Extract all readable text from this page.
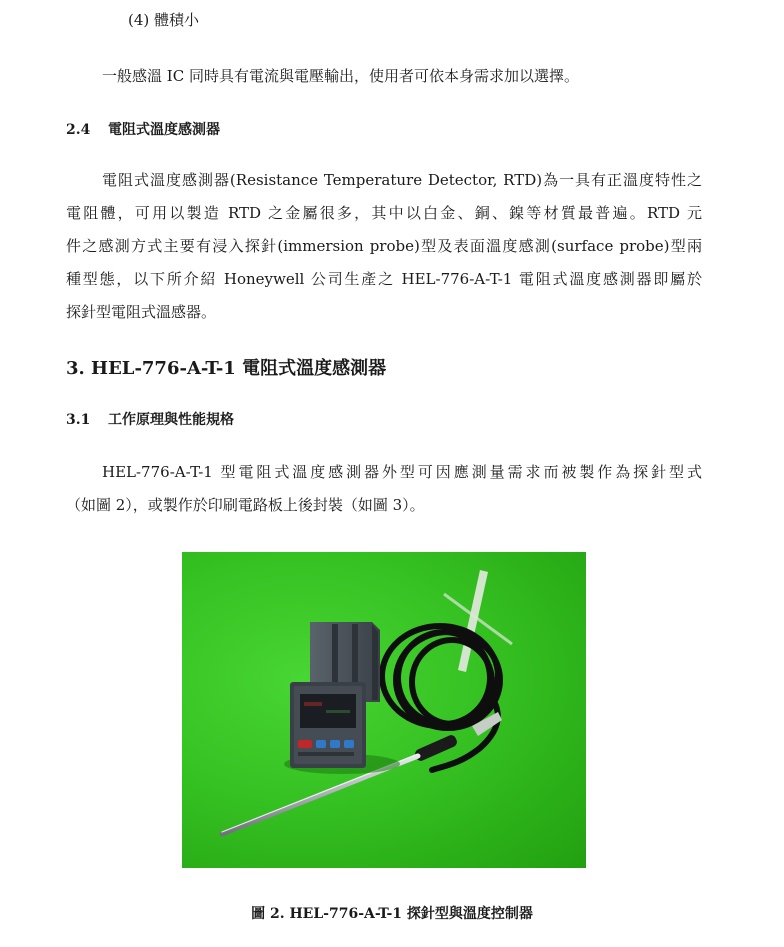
(4) 體積小
一般感溫 IC 同時具有電流與電壓輸出，使用者可依本身需求加以選擇。
2.4 電阻式溫度感測器
電阻式溫度感測器(Resistance Temperature Detector, RTD)為一具有正溫度特性之
電阻體，可用以製造 RTD 之金屬很多，其中以白金、銅、鎳等材質最普遍。RTD 元
件之感測方式主要有浸入探針(immersion probe)型及表面溫度感測(surface probe)型兩
種型態，以下所介紹 Honeywell 公司生產之 HEL-776-A-T-1 電阻式溫度感測器即屬於
探針型電阻式溫感器。
3. HEL-776-A-T-1 電阻式溫度感測器
3.1 工作原理與性能規格
HEL-776-A-T-1 型電阻式溫度感測器外型可因應測量需求而被製作為探針型式
（如圖 2），或製作於印刷電路板上後封裝（如圖 3）。
圖 2. HEL-776-A-T-1 探針型與溫度控制器
